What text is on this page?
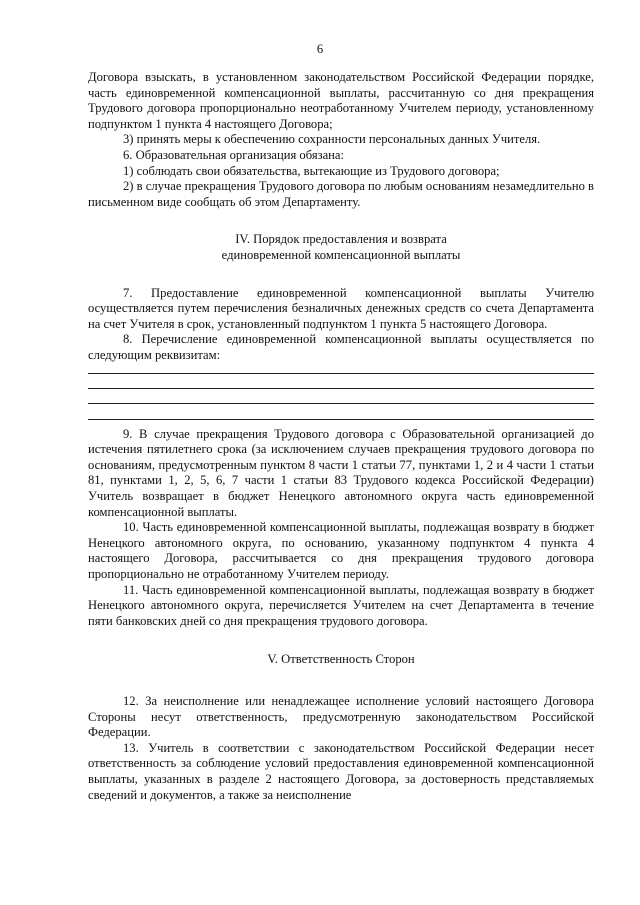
6

Договора взыскать, в установленном законодательством Российской Федерации порядке, часть единовременной компенсационной выплаты, рассчитанную со дня прекращения Трудового договора пропорционально неотработанному Учителем периоду, установленному подпунктом 1 пункта 4 настоящего Договора;

3) принять меры к обеспечению сохранности персональных данных Учителя.

6. Образовательная организация обязана:

1) соблюдать свои обязательства, вытекающие из Трудового договора;

2) в случае прекращения Трудового договора по любым основаниям незамедлительно в письменном виде сообщать об этом Департаменту.

IV. Порядок предоставления и возврата
единовременной компенсационной выплаты

7. Предоставление единовременной компенсационной выплаты Учителю осуществляется путем перечисления безналичных денежных средств со счета Департамента на счет Учителя в срок, установленный подпунктом 1 пункта 5 настоящего Договора.

8. Перечисление единовременной компенсационной выплаты осуществляется по следующим реквизитам:

9. В случае прекращения Трудового договора с Образовательной организацией до истечения пятилетнего срока (за исключением случаев прекращения трудового договора по основаниям, предусмотренным пунктом 8 части 1 статьи 77, пунктами 1, 2 и 4 части 1 статьи 81, пунктами 1, 2, 5, 6, 7 части 1 статьи 83 Трудового кодекса Российской Федерации) Учитель возвращает в бюджет Ненецкого автономного округа часть единовременной компенсационной выплаты.

10. Часть единовременной компенсационной выплаты, подлежащая возврату в бюджет Ненецкого автономного округа, по основанию, указанному подпунктом 4 пункта 4 настоящего Договора, рассчитывается со дня прекращения трудового договора пропорционально не отработанному Учителем периоду.

11. Часть единовременной компенсационной выплаты, подлежащая возврату в бюджет Ненецкого автономного округа, перечисляется Учителем на счет Департамента в течение пяти банковских дней со дня прекращения трудового договора.

V. Ответственность Сторон

12. За неисполнение или ненадлежащее исполнение условий настоящего Договора Стороны несут ответственность, предусмотренную законодательством Российской Федерации.

13. Учитель в соответствии с законодательством Российской Федерации несет ответственность за соблюдение условий предоставления единовременной компенсационной выплаты, указанных в разделе 2 настоящего Договора, за достоверность представляемых сведений и документов, а также за неисполнение
